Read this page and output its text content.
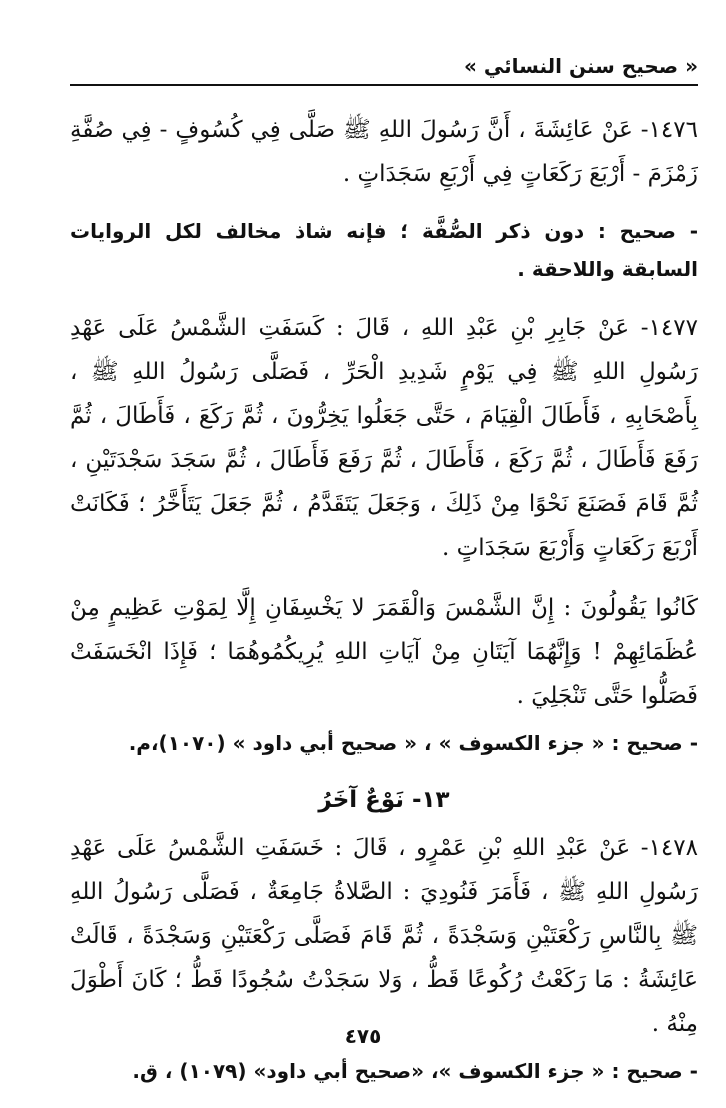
« صحيح سنن النسائي »

١٤٧٦- عَنْ عَائِشَةَ ، أَنَّ رَسُولَ اللهِ ﷺ صَلَّى فِي كُسُوفٍ - فِي صُفَّةِ زَمْزَمَ - أَرْبَعَ رَكَعَاتٍ فِي أَرْبَعِ سَجَدَاتٍ .

- صحيح : دون ذكر الصُّفَّة ؛ فإنه شاذ مخالف لكل الروايات السابقة واللاحقة .

١٤٧٧- عَنْ جَابِرِ بْنِ عَبْدِ اللهِ ، قَالَ : كَسَفَتِ الشَّمْسُ عَلَى عَهْدِ رَسُولِ اللهِ ﷺ فِي يَوْمٍ شَدِيدِ الْحَرِّ ، فَصَلَّى رَسُولُ اللهِ ﷺ ، بِأَصْحَابِهِ ، فَأَطَالَ الْقِيَامَ ، حَتَّى جَعَلُوا يَخِرُّونَ ، ثُمَّ رَكَعَ ، فَأَطَالَ ، ثُمَّ رَفَعَ فَأَطَالَ ، ثُمَّ رَكَعَ ، فَأَطَالَ ، ثُمَّ رَفَعَ فَأَطَالَ ، ثُمَّ سَجَدَ سَجْدَتَيْنِ ، ثُمَّ قَامَ فَصَنَعَ نَحْوًا مِنْ ذَلِكَ ، وَجَعَلَ يَتَقَدَّمُ ، ثُمَّ جَعَلَ يَتَأَخَّرُ ؛ فَكَانَتْ أَرْبَعَ رَكَعَاتٍ وَأَرْبَعَ سَجَدَاتٍ .

كَانُوا يَقُولُونَ : إِنَّ الشَّمْسَ وَالْقَمَرَ لا يَخْسِفَانِ إِلَّا لِمَوْتِ عَظِيمٍ مِنْ عُظَمَائِهِمْ ! وَإِنَّهُمَا آيَتَانِ مِنْ آيَاتِ اللهِ يُرِيكُمُوهُمَا ؛ فَإِذَا انْخَسَفَتْ فَصَلُّوا حَتَّى تَنْجَلِيَ .

- صحيح : « جزء الكسوف » ، « صحيح أبي داود » (١٠٧٠)،م.

١٣- نَوْعٌ آخَرُ

١٤٧٨- عَنْ عَبْدِ اللهِ بْنِ عَمْرٍو ، قَالَ : خَسَفَتِ الشَّمْسُ عَلَى عَهْدِ رَسُولِ اللهِ ﷺ ، فَأَمَرَ فَنُودِيَ : الصَّلاةُ جَامِعَةٌ ، فَصَلَّى رَسُولُ اللهِ ﷺ بِالنَّاسِ رَكْعَتَيْنِ وَسَجْدَةً ، ثُمَّ قَامَ فَصَلَّى رَكْعَتَيْنِ وَسَجْدَةً ، قَالَتْ عَائِشَةُ : مَا رَكَعْتُ رُكُوعًا قَطُّ ، وَلا سَجَدْتُ سُجُودًا قَطُّ ؛ كَانَ أَطْوَلَ مِنْهُ .

- صحيح : « جزء الكسوف »، «صحيح أبي داود» (١٠٧٩) ، ق.

٤٧٥
